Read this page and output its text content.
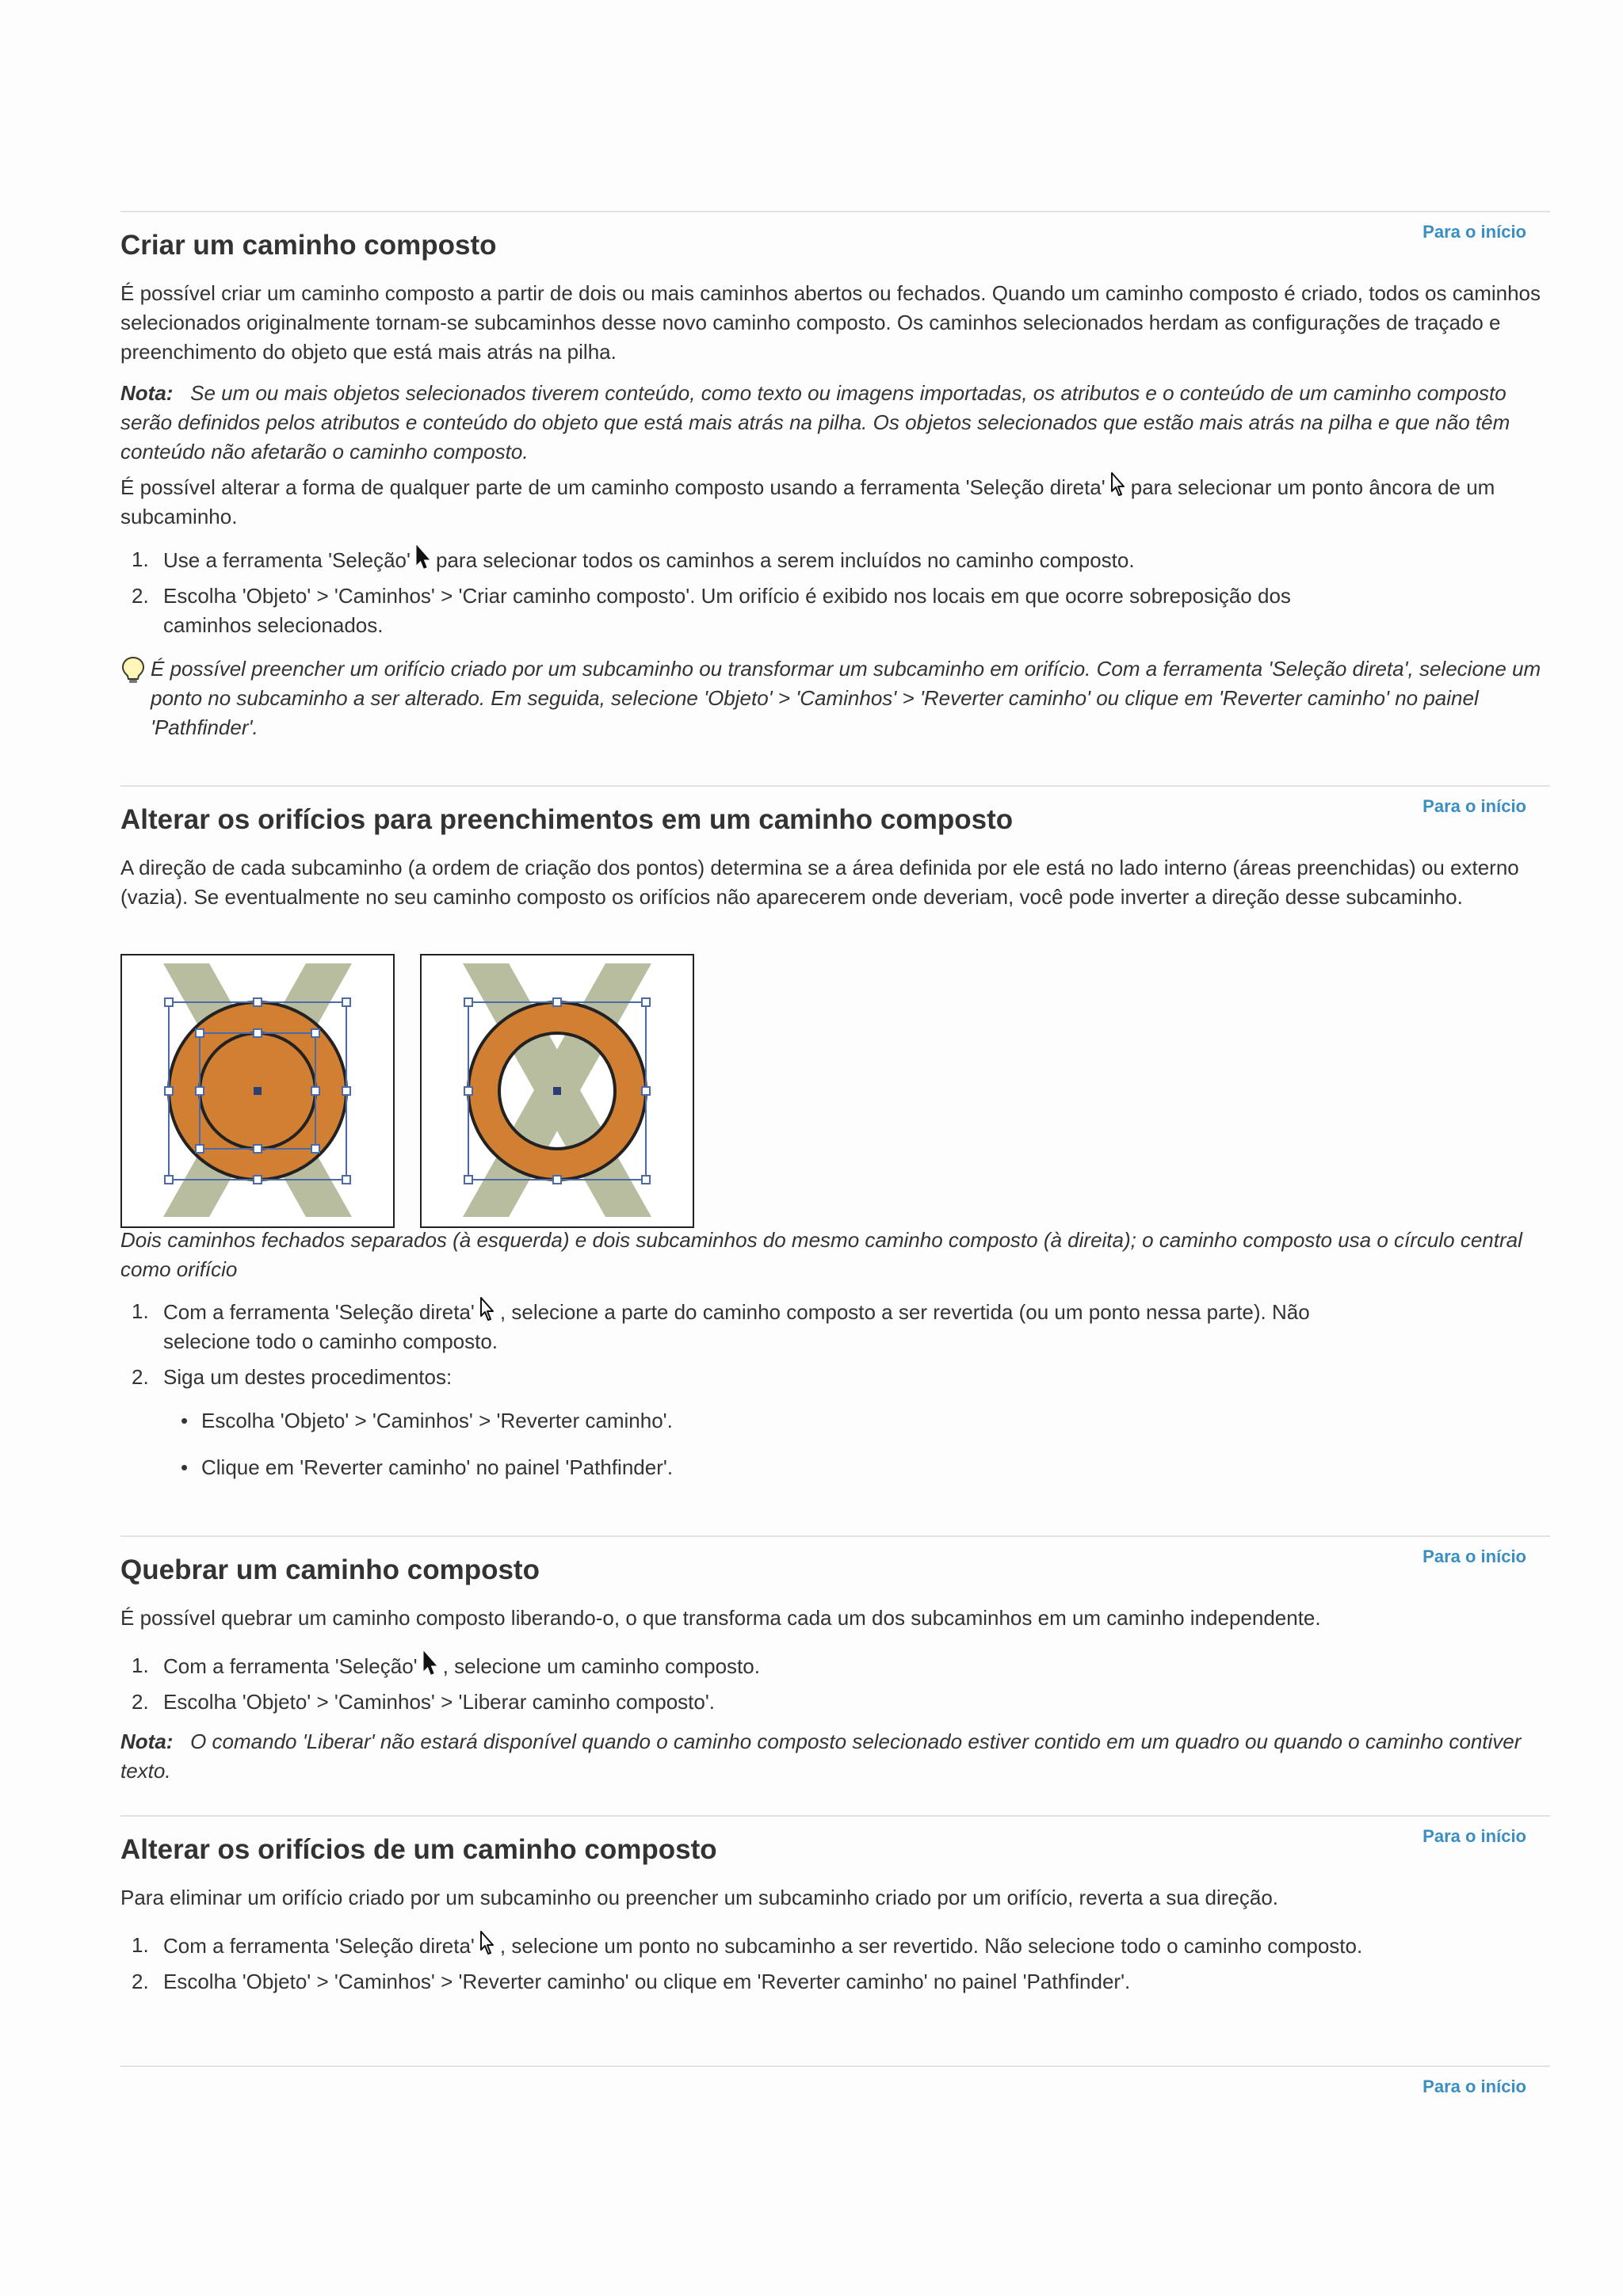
Para o início
Criar um caminho composto

É possível criar um caminho composto a partir de dois ou mais caminhos abertos ou fechados. Quando um caminho composto é criado, todos os caminhos selecionados originalmente tornam-se subcaminhos desse novo caminho composto. Os caminhos selecionados herdam as configurações de traçado e preenchimento do objeto que está mais atrás na pilha.

Nota: Se um ou mais objetos selecionados tiverem conteúdo, como texto ou imagens importadas, os atributos e o conteúdo de um caminho composto serão definidos pelos atributos e conteúdo do objeto que está mais atrás na pilha. Os objetos selecionados que estão mais atrás na pilha e que não têm conteúdo não afetarão o caminho composto.

É possível alterar a forma de qualquer parte de um caminho composto usando a ferramenta 'Seleção direta' para selecionar um ponto âncora de um subcaminho.

1. Use a ferramenta 'Seleção' para selecionar todos os caminhos a serem incluídos no caminho composto.
2. Escolha 'Objeto' > 'Caminhos' > 'Criar caminho composto'. Um orifício é exibido nos locais em que ocorre sobreposição dos caminhos selecionados.

É possível preencher um orifício criado por um subcaminho ou transformar um subcaminho em orifício. Com a ferramenta 'Seleção direta', selecione um ponto no subcaminho a ser alterado. Em seguida, selecione 'Objeto' > 'Caminhos' > 'Reverter caminho' ou clique em 'Reverter caminho' no painel 'Pathfinder'.

Para o início
Alterar os orifícios para preenchimentos em um caminho composto

A direção de cada subcaminho (a ordem de criação dos pontos) determina se a área definida por ele está no lado interno (áreas preenchidas) ou externo (vazia). Se eventualmente no seu caminho composto os orifícios não aparecerem onde deveriam, você pode inverter a direção desse subcaminho.

Dois caminhos fechados separados (à esquerda) e dois subcaminhos do mesmo caminho composto (à direita); o caminho composto usa o círculo central como orifício

1. Com a ferramenta 'Seleção direta' , selecione a parte do caminho composto a ser revertida (ou um ponto nessa parte). Não selecione todo o caminho composto.
2. Siga um destes procedimentos:
• Escolha 'Objeto' > 'Caminhos' > 'Reverter caminho'.
• Clique em 'Reverter caminho' no painel 'Pathfinder'.
Para o início
Quebrar um caminho composto

É possível quebrar um caminho composto liberando-o, o que transforma cada um dos subcaminhos em um caminho independente.

1. Com a ferramenta 'Seleção' , selecione um caminho composto.
2. Escolha 'Objeto' > 'Caminhos' > 'Liberar caminho composto'.

Nota: O comando 'Liberar' não estará disponível quando o caminho composto selecionado estiver contido em um quadro ou quando o caminho contiver texto.

Para o início
Alterar os orifícios de um caminho composto

Para eliminar um orifício criado por um subcaminho ou preencher um subcaminho criado por um orifício, reverta a sua direção.

1. Com a ferramenta 'Seleção direta' , selecione um ponto no subcaminho a ser revertido. Não selecione todo o caminho composto.
2. Escolha 'Objeto' > 'Caminhos' > 'Reverter caminho' ou clique em 'Reverter caminho' no painel 'Pathfinder'.
Para o início
